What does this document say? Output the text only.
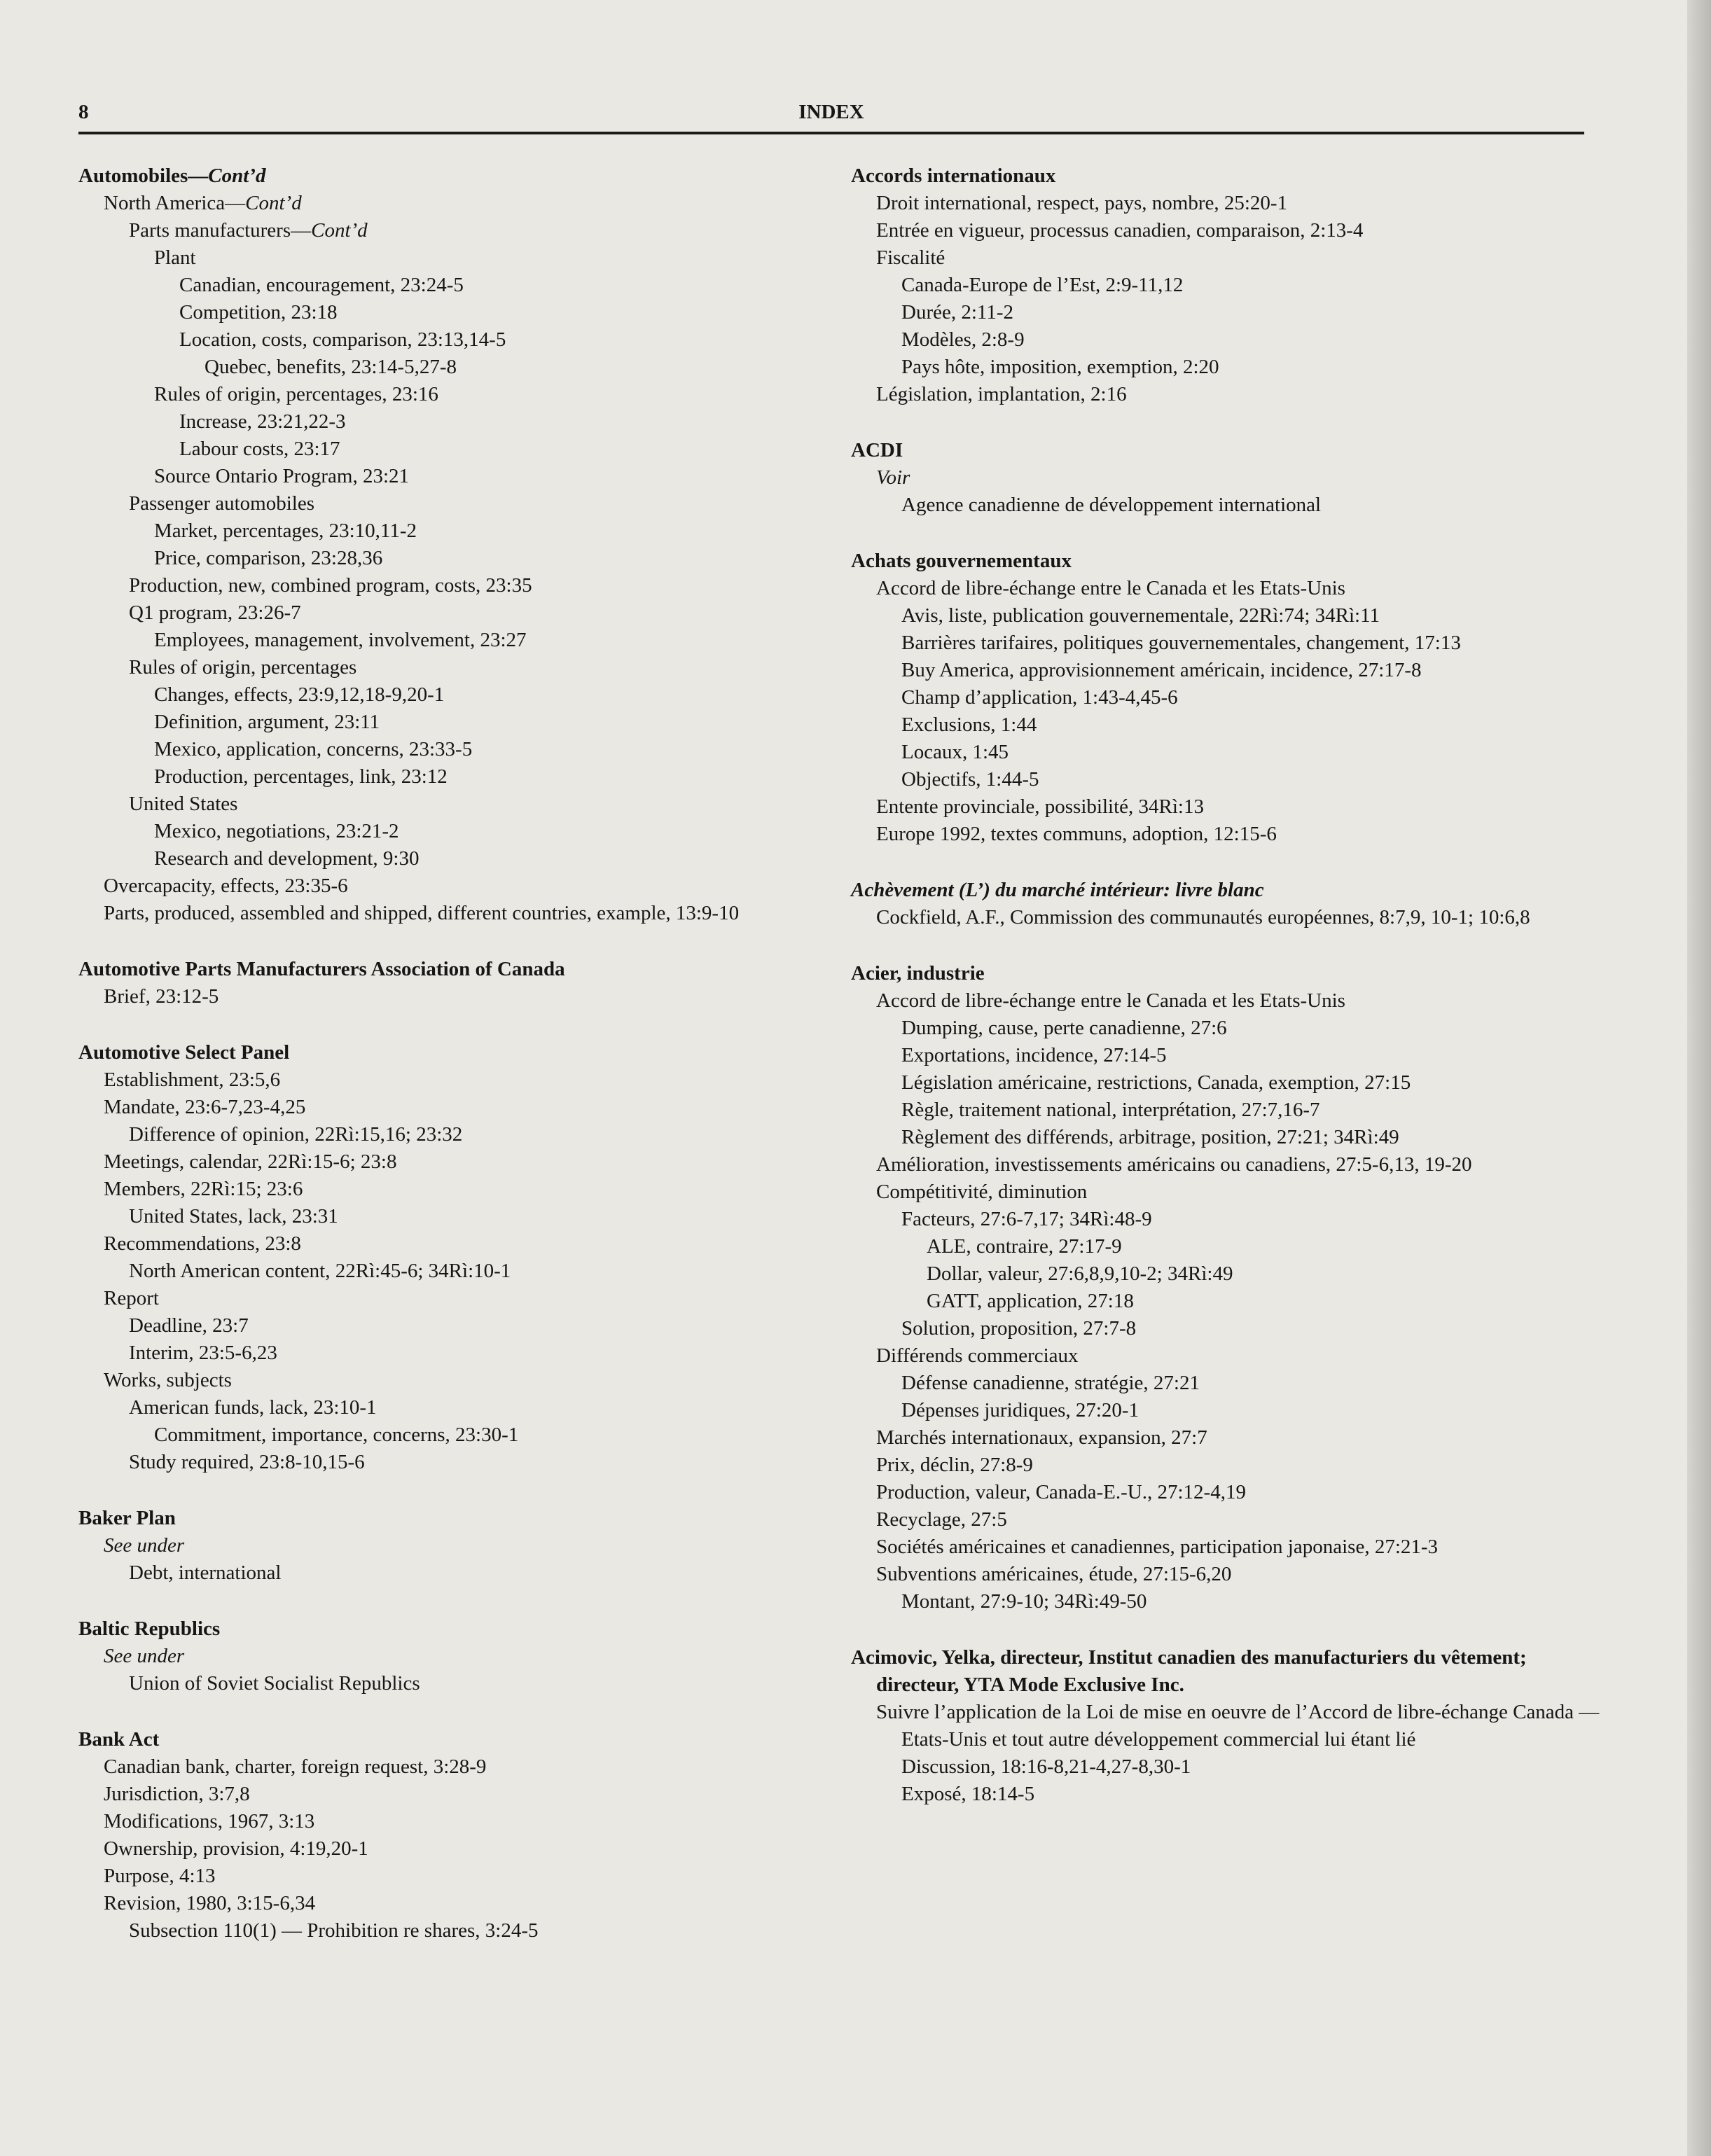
8	INDEX
Automobiles—Cont’d
North America—Cont’d
Parts manufacturers—Cont’d
Plant
Canadian, encouragement, 23:24-5
Competition, 23:18
Location, costs, comparison, 23:13,14-5
Quebec, benefits, 23:14-5,27-8
Rules of origin, percentages, 23:16
Increase, 23:21,22-3
Labour costs, 23:17
Source Ontario Program, 23:21
Passenger automobiles
Market, percentages, 23:10,11-2
Price, comparison, 23:28,36
Production, new, combined program, costs, 23:35
Q1 program, 23:26-7
Employees, management, involvement, 23:27
Rules of origin, percentages
Changes, effects, 23:9,12,18-9,20-1
Definition, argument, 23:11
Mexico, application, concerns, 23:33-5
Production, percentages, link, 23:12
United States
Mexico, negotiations, 23:21-2
Research and development, 9:30
Overcapacity, effects, 23:35-6
Parts, produced, assembled and shipped, different countries, example, 13:9-10
Automotive Parts Manufacturers Association of Canada
Brief, 23:12-5
Automotive Select Panel
Establishment, 23:5,6
Mandate, 23:6-7,23-4,25
Difference of opinion, 22Rì:15,16; 23:32
Meetings, calendar, 22Rì:15-6; 23:8
Members, 22Rì:15; 23:6
United States, lack, 23:31
Recommendations, 23:8
North American content, 22Rì:45-6; 34Rì:10-1
Report
Deadline, 23:7
Interim, 23:5-6,23
Works, subjects
American funds, lack, 23:10-1
Commitment, importance, concerns, 23:30-1
Study required, 23:8-10,15-6
Baker Plan
See under
Debt, international
Baltic Republics
See under
Union of Soviet Socialist Republics
Bank Act
Canadian bank, charter, foreign request, 3:28-9
Jurisdiction, 3:7,8
Modifications, 1967, 3:13
Ownership, provision, 4:19,20-1
Purpose, 4:13
Revision, 1980, 3:15-6,34
Subsection 110(1) — Prohibition re shares, 3:24-5
Accords internationaux
Droit international, respect, pays, nombre, 25:20-1
Entrée en vigueur, processus canadien, comparaison, 2:13-4
Fiscalité
Canada-Europe de l’Est, 2:9-11,12
Durée, 2:11-2
Modèles, 2:8-9
Pays hôte, imposition, exemption, 2:20
Législation, implantation, 2:16
ACDI
Voir
Agence canadienne de développement international
Achats gouvernementaux
Accord de libre-échange entre le Canada et les Etats-Unis
Avis, liste, publication gouvernementale, 22Rì:74; 34Rì:11
Barrières tarifaires, politiques gouvernementales, changement, 17:13
Buy America, approvisionnement américain, incidence, 27:17-8
Champ d’application, 1:43-4,45-6
Exclusions, 1:44
Locaux, 1:45
Objectifs, 1:44-5
Entente provinciale, possibilité, 34Rì:13
Europe 1992, textes communs, adoption, 12:15-6
Achèvement (L’) du marché intérieur: livre blanc
Cockfield, A.F., Commission des communautés européennes, 8:7,9, 10-1; 10:6,8
Acier, industrie
Accord de libre-échange entre le Canada et les Etats-Unis
Dumping, cause, perte canadienne, 27:6
Exportations, incidence, 27:14-5
Législation américaine, restrictions, Canada, exemption, 27:15
Règle, traitement national, interprétation, 27:7,16-7
Règlement des différends, arbitrage, position, 27:21; 34Rì:49
Amélioration, investissements américains ou canadiens, 27:5-6,13, 19-20
Compétitivité, diminution
Facteurs, 27:6-7,17; 34Rì:48-9
ALE, contraire, 27:17-9
Dollar, valeur, 27:6,8,9,10-2; 34Rì:49
GATT, application, 27:18
Solution, proposition, 27:7-8
Différends commerciaux
Défense canadienne, stratégie, 27:21
Dépenses juridiques, 27:20-1
Marchés internationaux, expansion, 27:7
Prix, déclin, 27:8-9
Production, valeur, Canada-E.-U., 27:12-4,19
Recyclage, 27:5
Sociétés américaines et canadiennes, participation japonaise, 27:21-3
Subventions américaines, étude, 27:15-6,20
Montant, 27:9-10; 34Rì:49-50
Acimovic, Yelka, directeur, Institut canadien des manufacturiers du vêtement; directeur, YTA Mode Exclusive Inc.
Suivre l’application de la Loi de mise en oeuvre de l’Accord de libre-échange Canada — Etats-Unis et tout autre développement commercial lui étant lié
Discussion, 18:16-8,21-4,27-8,30-1
Exposé, 18:14-5
